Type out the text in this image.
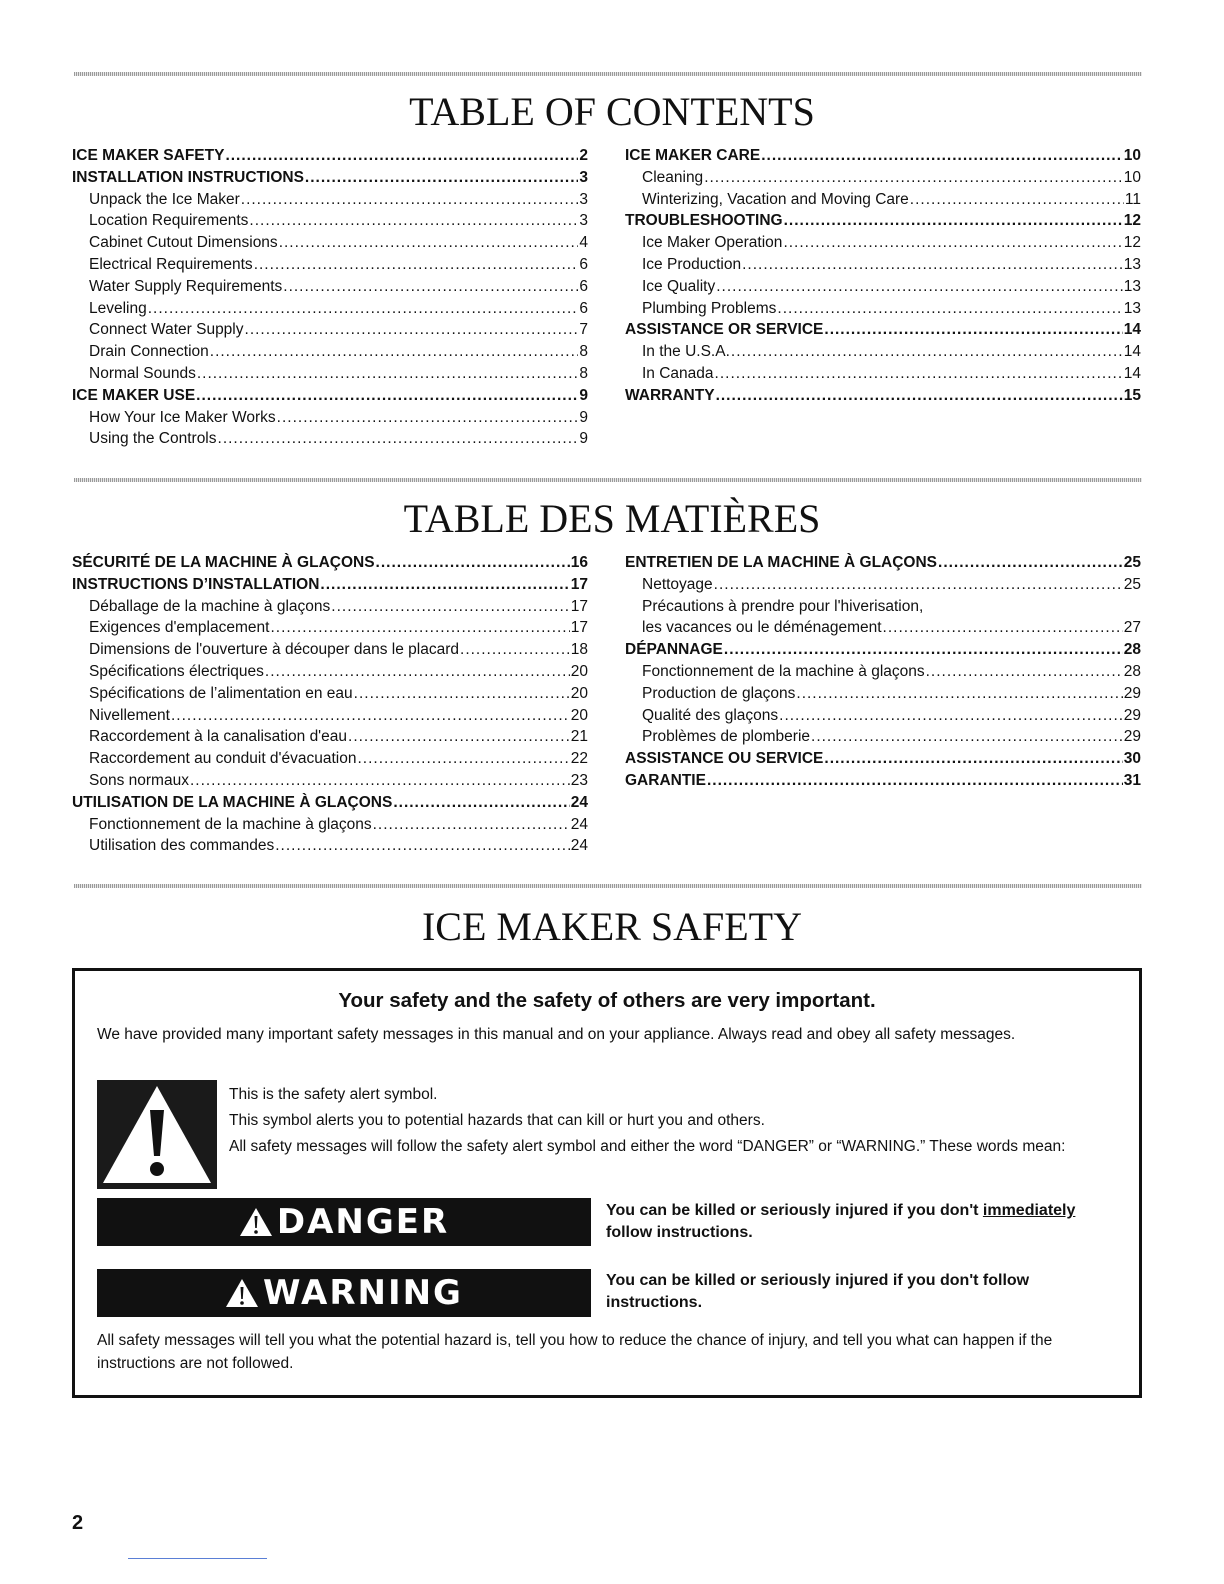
TABLE OF CONTENTS
ICE MAKER SAFETY .....	2
INSTALLATION INSTRUCTIONS .....	3
Unpack the Ice Maker .....	3
Location Requirements .....	3
Cabinet Cutout Dimensions .....	4
Electrical Requirements .....	6
Water Supply Requirements .....	6
Leveling .....	6
Connect Water Supply .....	7
Drain Connection .....	8
Normal Sounds .....	8
ICE MAKER USE .....	9
How Your Ice Maker Works .....	9
Using the Controls .....	9
ICE MAKER CARE .....	10
Cleaning .....	10
Winterizing, Vacation and Moving Care .....	11
TROUBLESHOOTING .....	12
Ice Maker Operation .....	12
Ice Production .....	13
Ice Quality .....	13
Plumbing Problems .....	13
ASSISTANCE OR SERVICE .....	14
In the U.S.A. .....	14
In Canada .....	14
WARRANTY .....	15
TABLE DES MATIÈRES
SÉCURITÉ DE LA MACHINE À GLAÇONS .....	16
INSTRUCTIONS D’INSTALLATION .....	17
Déballage de la machine à glaçons .....	17
Exigences d'emplacement .....	17
Dimensions de l'ouverture à découper dans le placard .....	18
Spécifications électriques .....	20
Spécifications de l’alimentation en eau .....	20
Nivellement .....	20
Raccordement à la canalisation d'eau .....	21
Raccordement au conduit d'évacuation .....	22
Sons normaux .....	23
UTILISATION DE LA MACHINE À GLAÇONS .....	24
Fonctionnement de la machine à glaçons .....	24
Utilisation des commandes .....	24
ENTRETIEN DE LA MACHINE À GLAÇONS .....	25
Nettoyage .....	25
Précautions à prendre pour l'hiverisation,
les vacances ou le déménagement .....	27
DÉPANNAGE .....	28
Fonctionnement de la machine à glaçons .....	28
Production de glaçons .....	29
Qualité des glaçons .....	29
Problèmes de plomberie .....	29
ASSISTANCE OU SERVICE .....	30
GARANTIE .....	31
ICE MAKER SAFETY
Your safety and the safety of others are very important.
We have provided many important safety messages in this manual and on your appliance. Always read and obey all safety messages.
This is the safety alert symbol.
This symbol alerts you to potential hazards that can kill or hurt you and others.
All safety messages will follow the safety alert symbol and either the word “DANGER” or “WARNING.” These words mean:
DANGER	You can be killed or seriously injured if you don't immediately follow instructions.
WARNING	You can be killed or seriously injured if you don't follow instructions.
All safety messages will tell you what the potential hazard is, tell you how to reduce the chance of injury, and tell you what can happen if the instructions are not followed.
2
